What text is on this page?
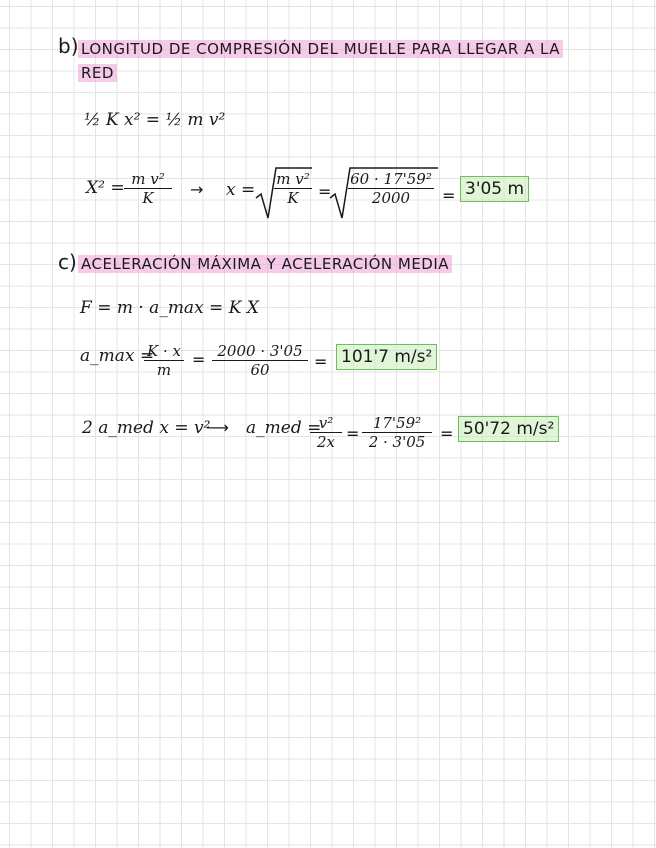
b) LONGITUD DE COMPRESIÓN DEL MUELLE PARA LLEGAR A LA
RED
½ K x² = ½ m v²
$X^2 = \frac{\text{m v²}}{K} \to x = \frac{\text{m v²}}{K} = \frac{\text{60 · 17'59²}}{2000} = 3'05$ m
c) ACELERACIÓN MÁXIMA Y ACELERACIÓN MEDIA
F = m · a_max = K X
a_max =
$\frac{K \cdot x}{m} = \frac{2000 \cdot 3'05}{60} = 101'7$ m/s²
2 a_med x = v²
⟶ a_med =
$\frac{\text{v²}}{2x} = \frac{\text{17'59²}}{2 \cdot 3'05} = 50'72$ m/s²
